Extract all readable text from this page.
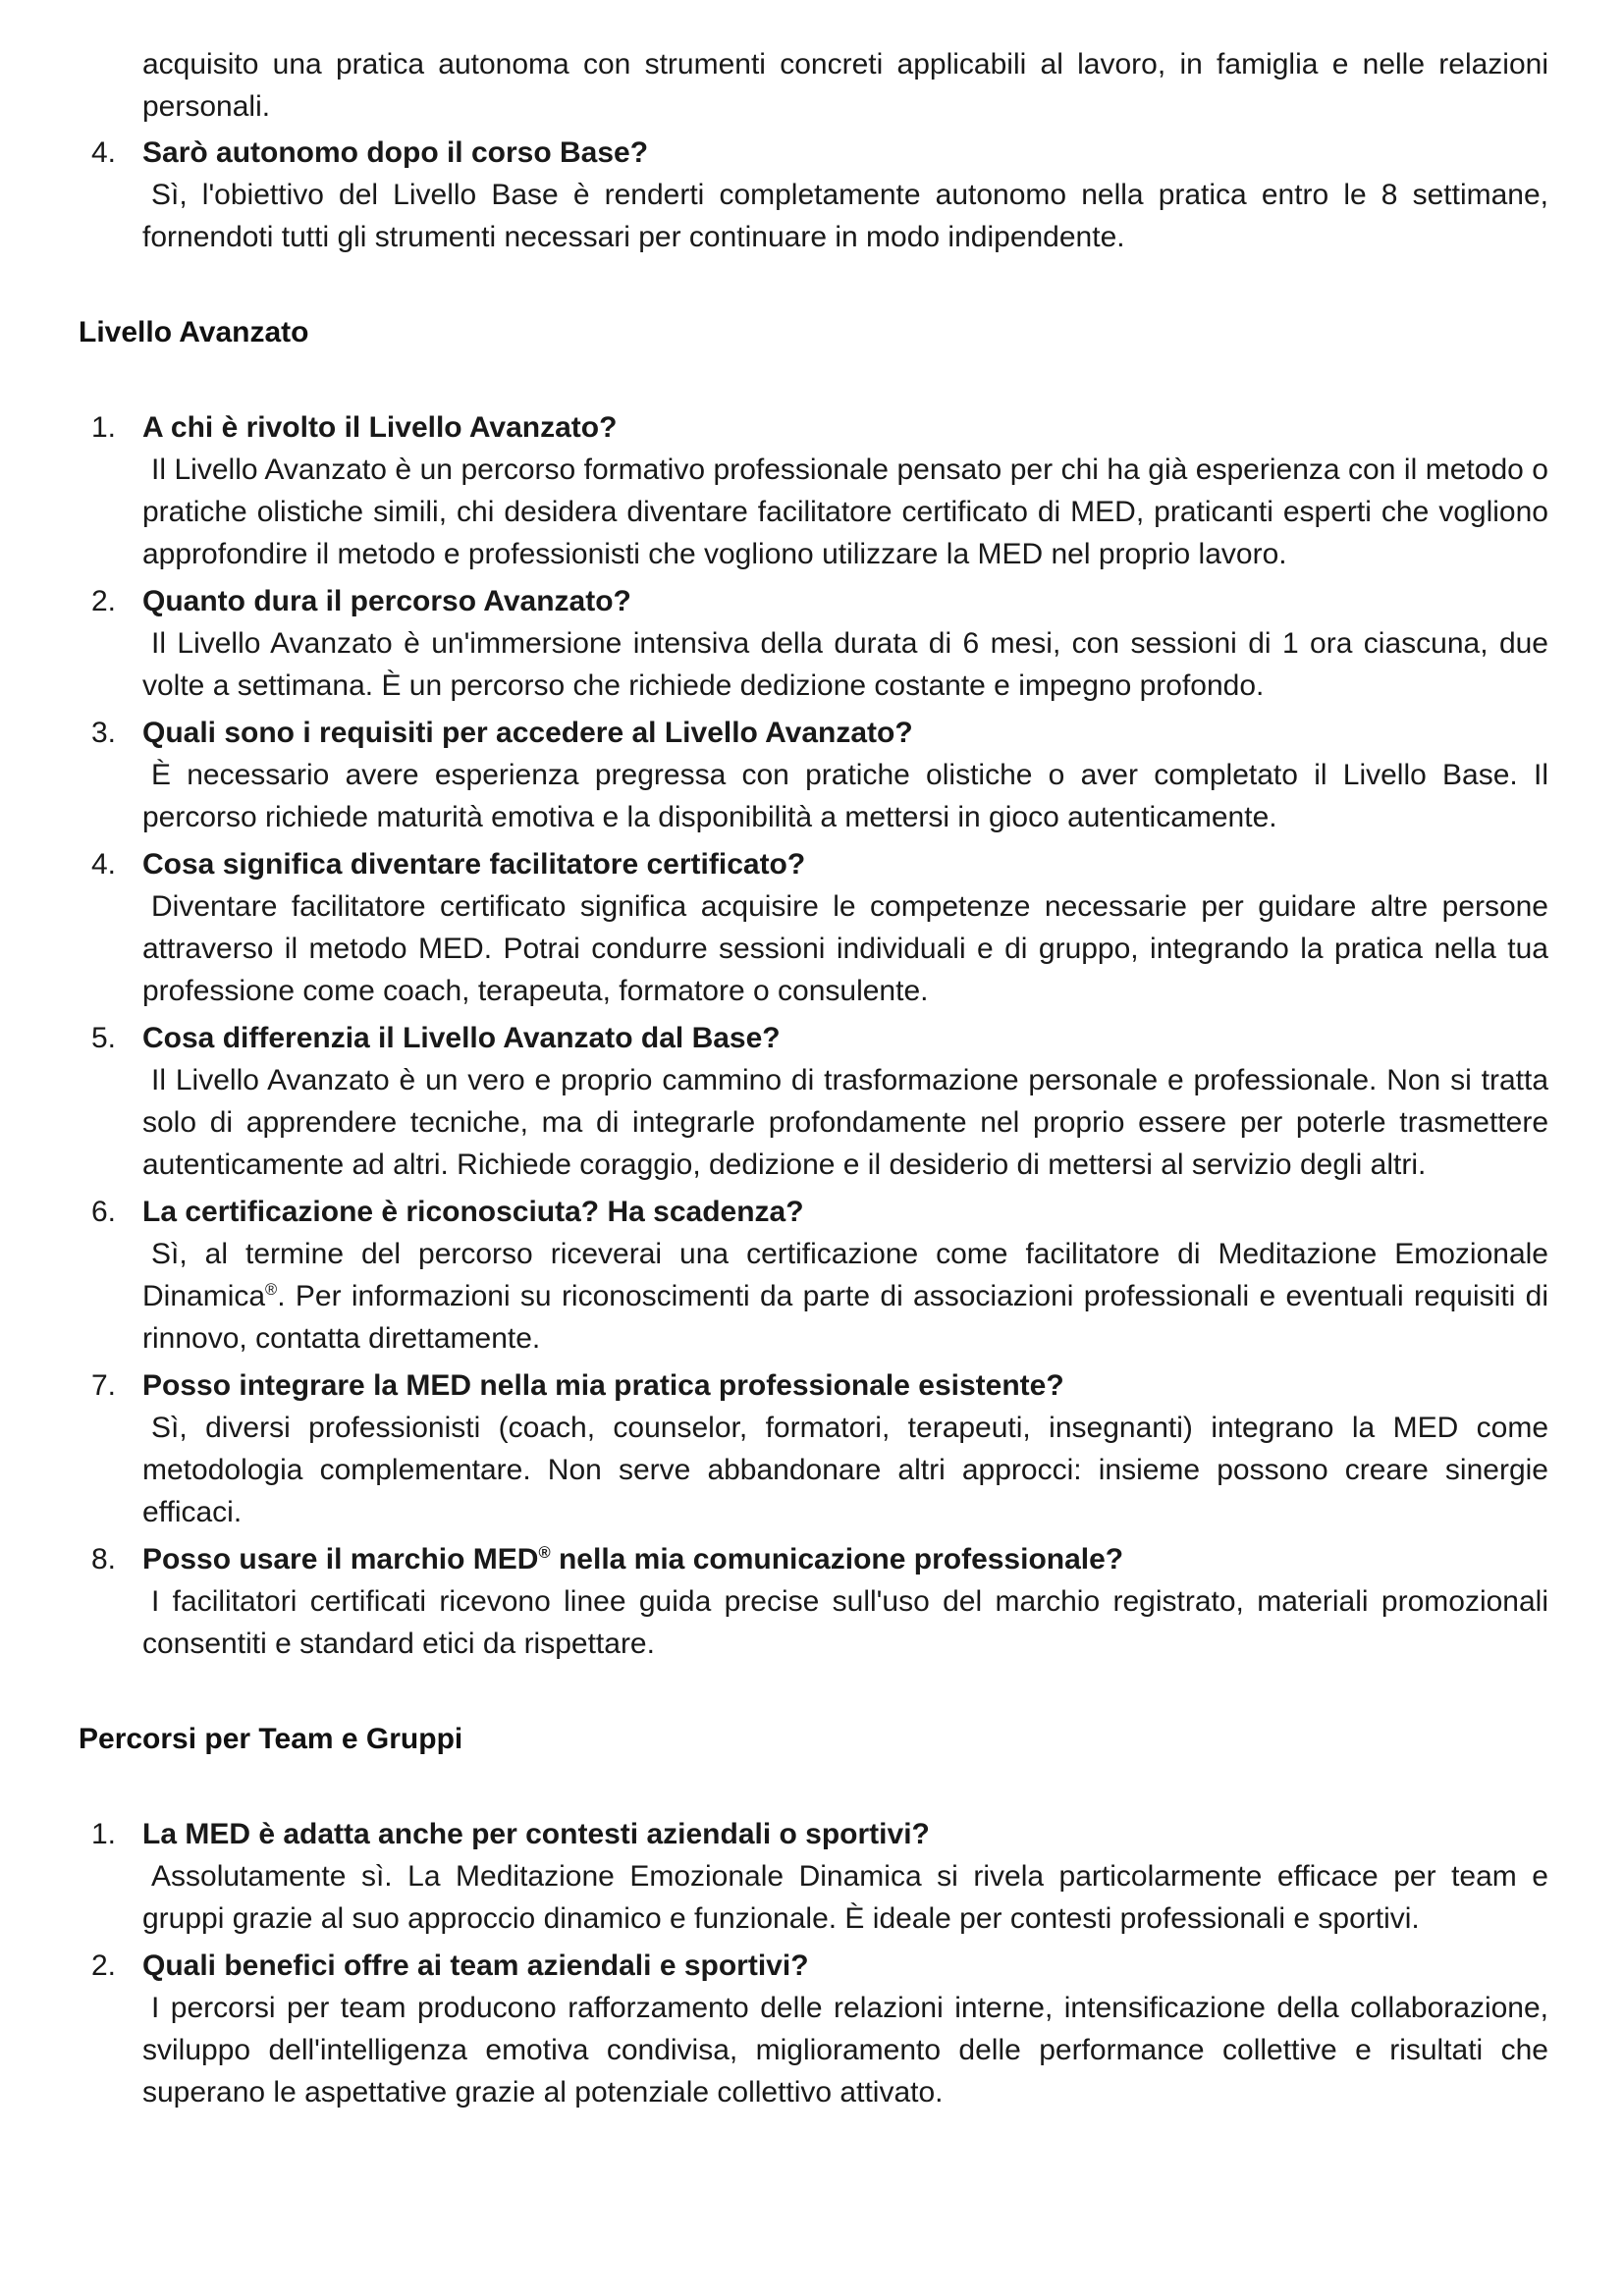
acquisito una pratica autonoma con strumenti concreti applicabili al lavoro, in famiglia e nelle relazioni personali.

4. Sarò autonomo dopo il corso Base?

Sì, l'obiettivo del Livello Base è renderti completamente autonomo nella pratica entro le 8 settimane, fornendoti tutti gli strumenti necessari per continuare in modo indipendente.

Livello Avanzato
1. A chi è rivolto il Livello Avanzato?

Il Livello Avanzato è un percorso formativo professionale pensato per chi ha già esperienza con il metodo o pratiche olistiche simili, chi desidera diventare facilitatore certificato di MED, praticanti esperti che vogliono approfondire il metodo e professionisti che vogliono utilizzare la MED nel proprio lavoro.

2. Quanto dura il percorso Avanzato?

Il Livello Avanzato è un'immersione intensiva della durata di 6 mesi, con sessioni di 1 ora ciascuna, due volte a settimana. È un percorso che richiede dedizione costante e impegno profondo.

3. Quali sono i requisiti per accedere al Livello Avanzato?

È necessario avere esperienza pregressa con pratiche olistiche o aver completato il Livello Base. Il percorso richiede maturità emotiva e la disponibilità a mettersi in gioco autenticamente.

4. Cosa significa diventare facilitatore certificato?

Diventare facilitatore certificato significa acquisire le competenze necessarie per guidare altre persone attraverso il metodo MED. Potrai condurre sessioni individuali e di gruppo, integrando la pratica nella tua professione come coach, terapeuta, formatore o consulente.

5. Cosa differenzia il Livello Avanzato dal Base?

Il Livello Avanzato è un vero e proprio cammino di trasformazione personale e professionale. Non si tratta solo di apprendere tecniche, ma di integrarle profondamente nel proprio essere per poterle trasmettere autenticamente ad altri. Richiede coraggio, dedizione e il desiderio di mettersi al servizio degli altri.

6. La certificazione è riconosciuta? Ha scadenza?

Sì, al termine del percorso riceverai una certificazione come facilitatore di Meditazione Emozionale Dinamica®. Per informazioni su riconoscimenti da parte di associazioni professionali e eventuali requisiti di rinnovo, contatta direttamente.

7. Posso integrare la MED nella mia pratica professionale esistente?

Sì, diversi professionisti (coach, counselor, formatori, terapeuti, insegnanti) integrano la MED come metodologia complementare. Non serve abbandonare altri approcci: insieme possono creare sinergie efficaci.

8. Posso usare il marchio MED® nella mia comunicazione professionale?

I facilitatori certificati ricevono linee guida precise sull'uso del marchio registrato, materiali promozionali consentiti e standard etici da rispettare.

Percorsi per Team e Gruppi
1. La MED è adatta anche per contesti aziendali o sportivi?

Assolutamente sì. La Meditazione Emozionale Dinamica si rivela particolarmente efficace per team e gruppi grazie al suo approccio dinamico e funzionale. È ideale per contesti professionali e sportivi.

2. Quali benefici offre ai team aziendali e sportivi?

I percorsi per team producono rafforzamento delle relazioni interne, intensificazione della collaborazione, sviluppo dell'intelligenza emotiva condivisa, miglioramento delle performance collettive e risultati che superano le aspettative grazie al potenziale collettivo attivato.
